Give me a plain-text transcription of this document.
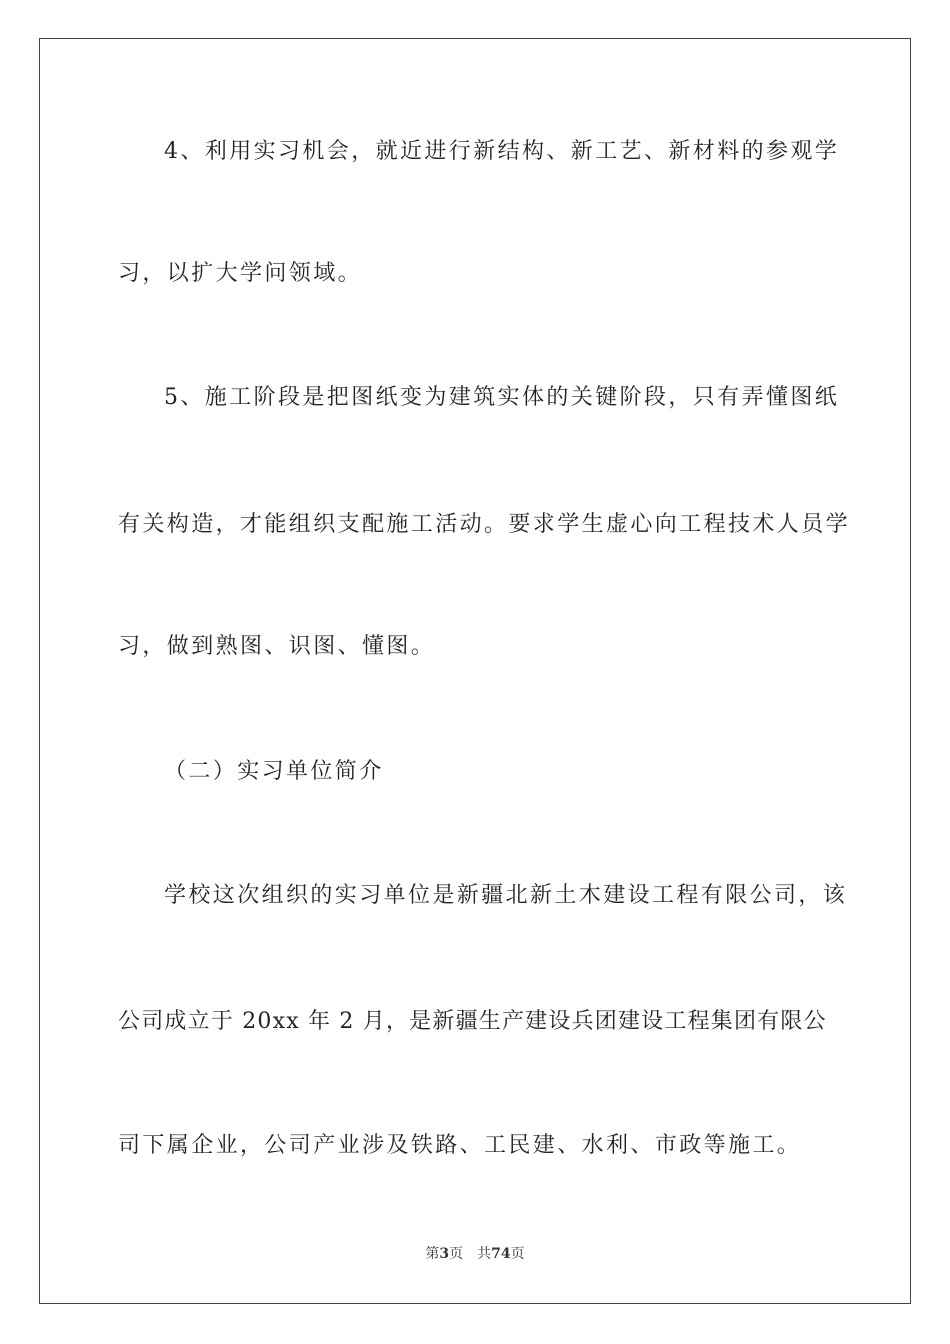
4、利用实习机会，就近进行新结构、新工艺、新材料的参观学

习，以扩大学问领域。

5、施工阶段是把图纸变为建筑实体的关键阶段，只有弄懂图纸

有关构造，才能组织支配施工活动。要求学生虚心向工程技术人员学

习，做到熟图、识图、懂图。

（二）实习单位简介

学校这次组织的实习单位是新疆北新土木建设工程有限公司，该

公司成立于 20xx 年 2 月，是新疆生产建设兵团建设工程集团有限公

司下属企业，公司产业涉及铁路、工民建、水利、市政等施工。

第3页 共74页
